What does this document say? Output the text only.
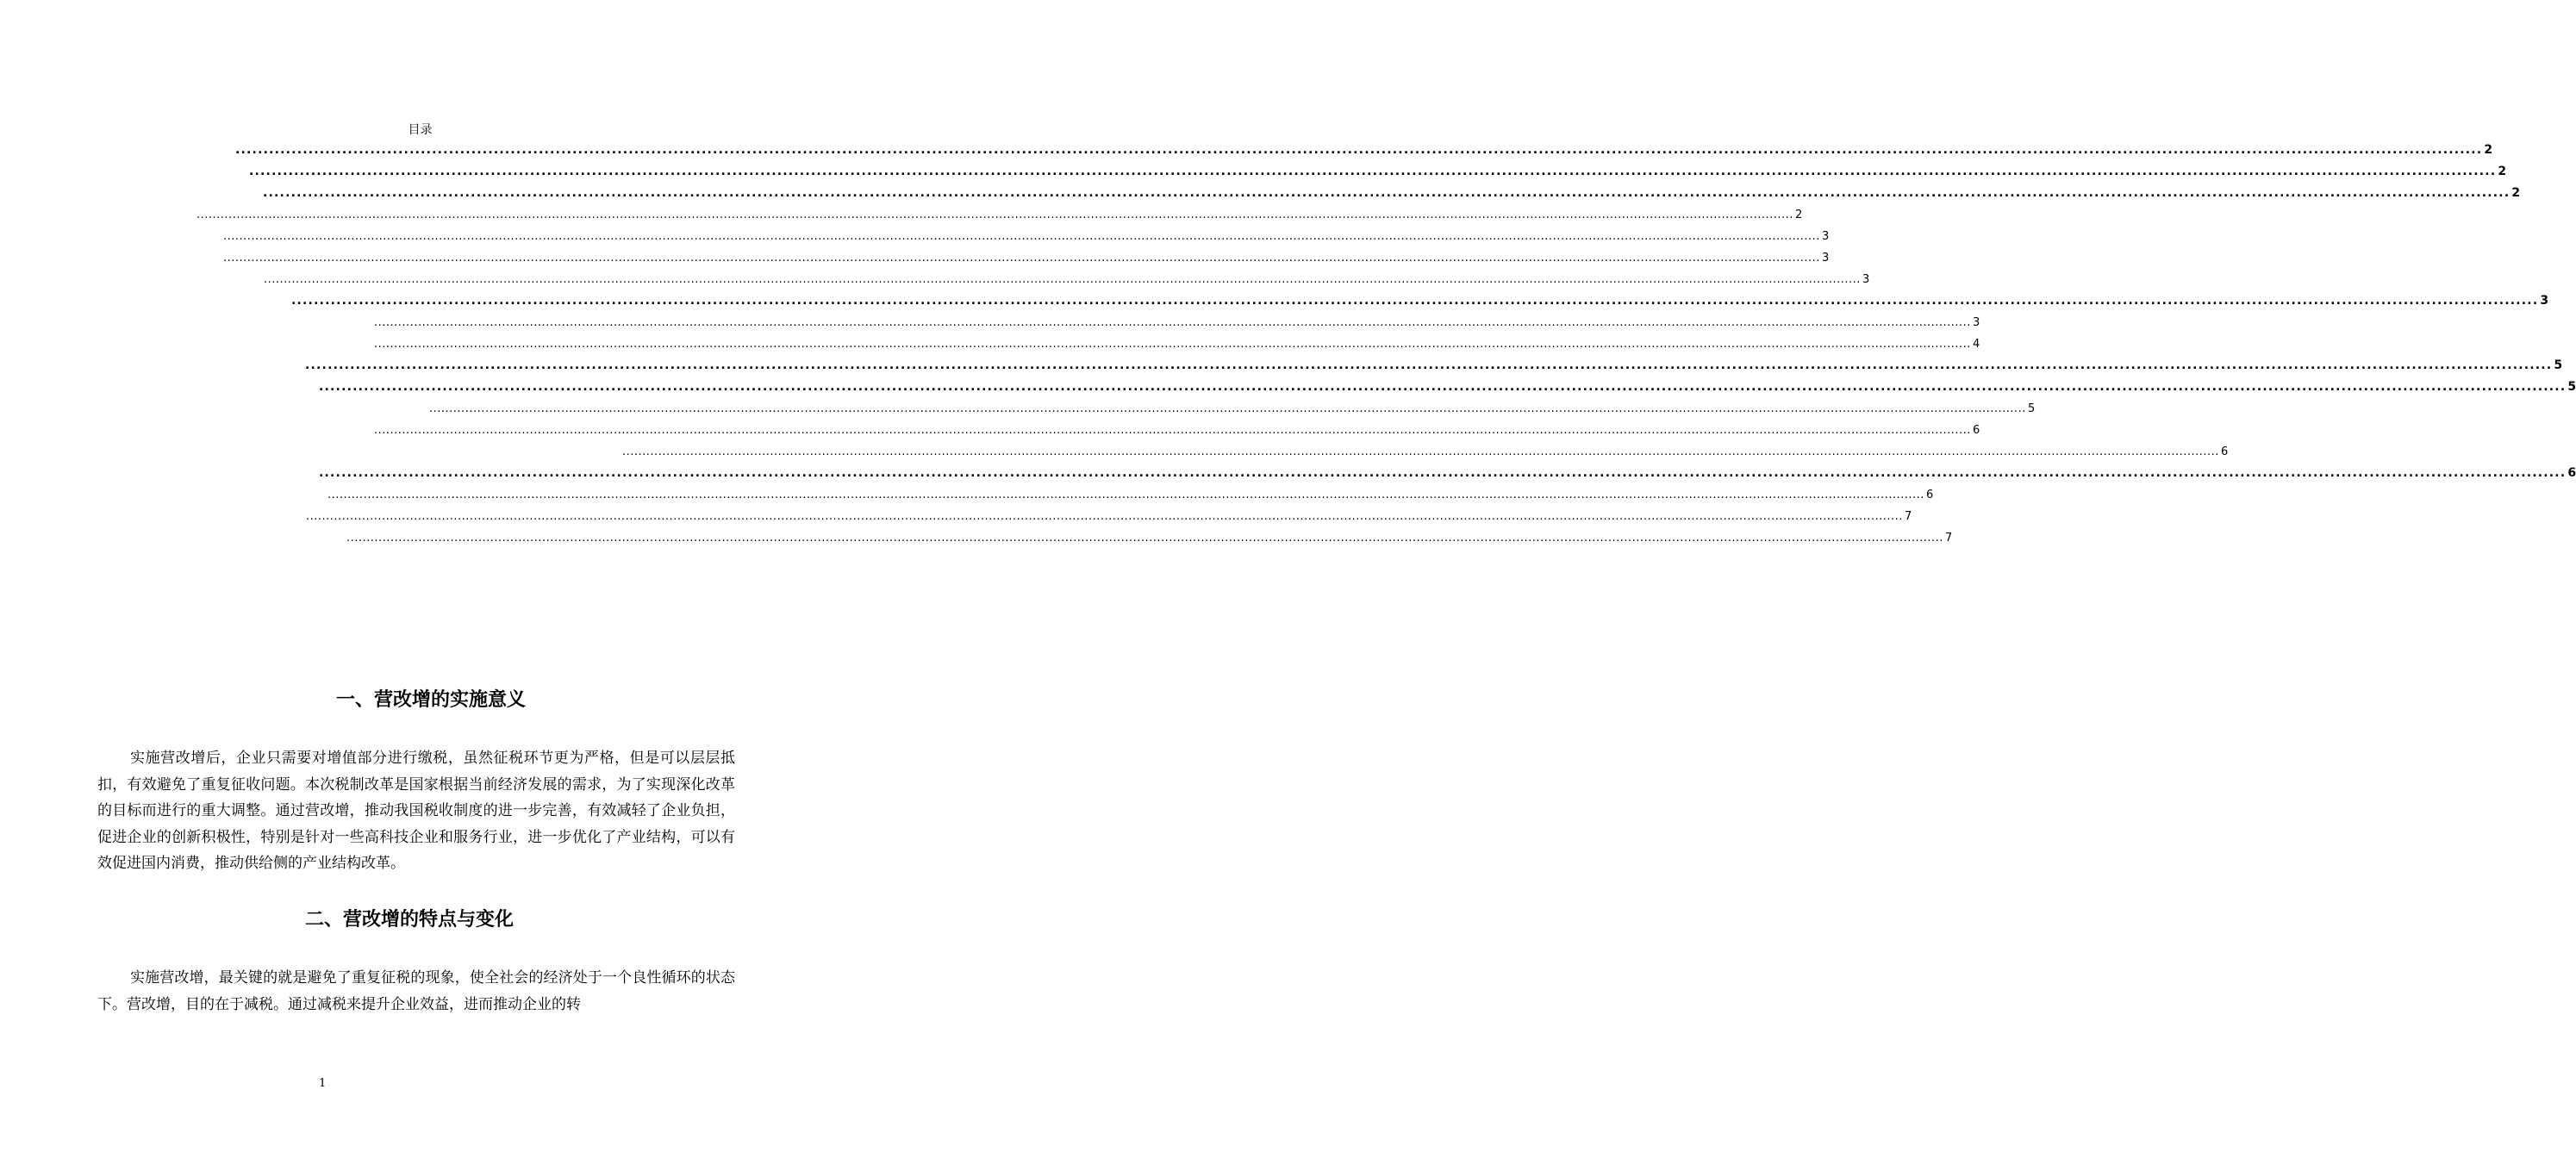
目录
................................................................................................................................................................................................................................................................................................................................................................................................................ 2
................................................................................................................................................................................................................................................................................................................................................................................................................ 2
................................................................................................................................................................................................................................................................................................................................................................................................................ 2
................................................................................................................................................................................................................................................................................................................................................................................................................ 2
................................................................................................................................................................................................................................................................................................................................................................................................................ 3
................................................................................................................................................................................................................................................................................................................................................................................................................ 3
................................................................................................................................................................................................................................................................................................................................................................................................................ 3
................................................................................................................................................................................................................................................................................................................................................................................................................ 3
................................................................................................................................................................................................................................................................................................................................................................................................................ 3
................................................................................................................................................................................................................................................................................................................................................................................................................ 4
................................................................................................................................................................................................................................................................................................................................................................................................................ 5
................................................................................................................................................................................................................................................................................................................................................................................................................ 5
................................................................................................................................................................................................................................................................................................................................................................................................................ 5
................................................................................................................................................................................................................................................................................................................................................................................................................ 6
................................................................................................................................................................................................................................................................................................................................................................................................................ 6
................................................................................................................................................................................................................................................................................................................................................................................................................ 6
................................................................................................................................................................................................................................................................................................................................................................................................................ 6
................................................................................................................................................................................................................................................................................................................................................................................................................ 7
................................................................................................................................................................................................................................................................................................................................................................................................................ 7
一、营改增的实施意义

实施营改增后，企业只需要对增值部分进行缴税，虽然征税环节更为严格，但是可以层层抵扣，有效避免了重复征收问题。本次税制改革是国家根据当前经济发展的需求，为了实现深化改革的目标而进行的重大调整。通过营改增，推动我国税收制度的进一步完善，有效减轻了企业负担，促进企业的创新积极性，特别是针对一些高科技企业和服务行业，进一步优化了产业结构，可以有效促进国内消费，推动供给侧的产业结构改革。

二、营改增的特点与变化

实施营改增，最关键的就是避免了重复征税的现象，使全社会的经济处于一个良性循环的状态下。营改增，目的在于减税。通过减税来提升企业效益，进而推动企业的转

1
